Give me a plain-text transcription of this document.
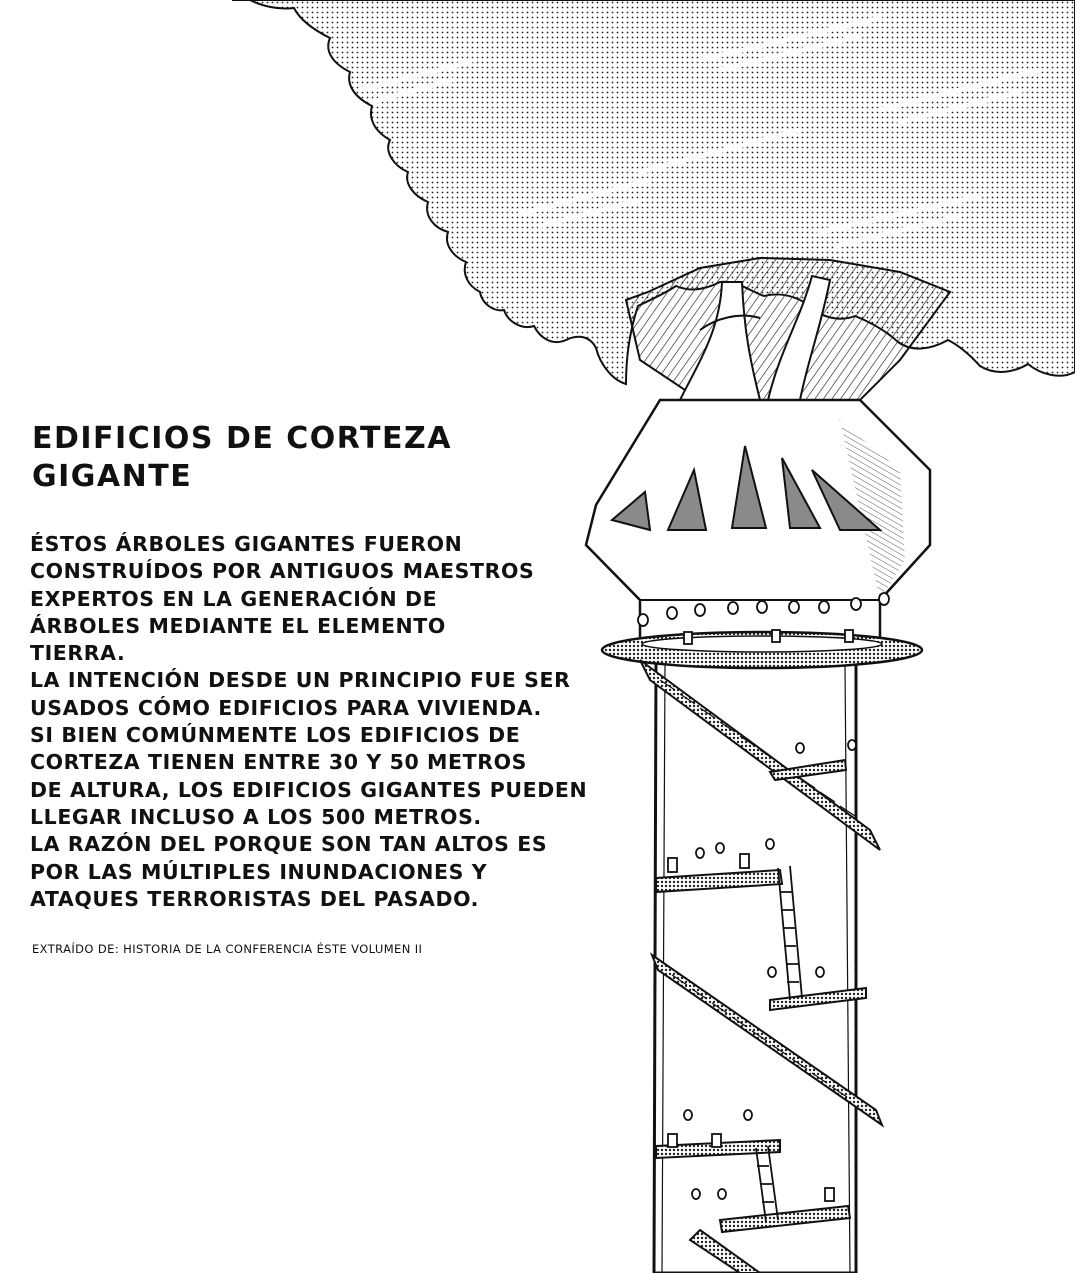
EDIFICIOS DE CORTEZA
GIGANTE
ÉSTOS ÁRBOLES GIGANTES FUERON
CONSTRUÍDOS POR ANTIGUOS MAESTROS
EXPERTOS EN LA GENERACIÓN DE
ÁRBOLES MEDIANTE EL ELEMENTO
TIERRA.
LA INTENCIÓN DESDE UN PRINCIPIO FUE SER
USADOS CÓMO EDIFICIOS PARA VIVIENDA.
SI BIEN COMÚNMENTE LOS EDIFICIOS DE
CORTEZA TIENEN ENTRE 30 Y 50 METROS
DE ALTURA, LOS EDIFICIOS GIGANTES PUEDEN
LLEGAR INCLUSO A LOS 500 METROS.
LA RAZÓN DEL PORQUE SON TAN ALTOS ES
POR LAS MÚLTIPLES INUNDACIONES Y
ATAQUES TERRORISTAS DEL PASADO.

EXTRAÍDO DE: HISTORIA DE LA CONFERENCIA ÉSTE VOLUMEN II
